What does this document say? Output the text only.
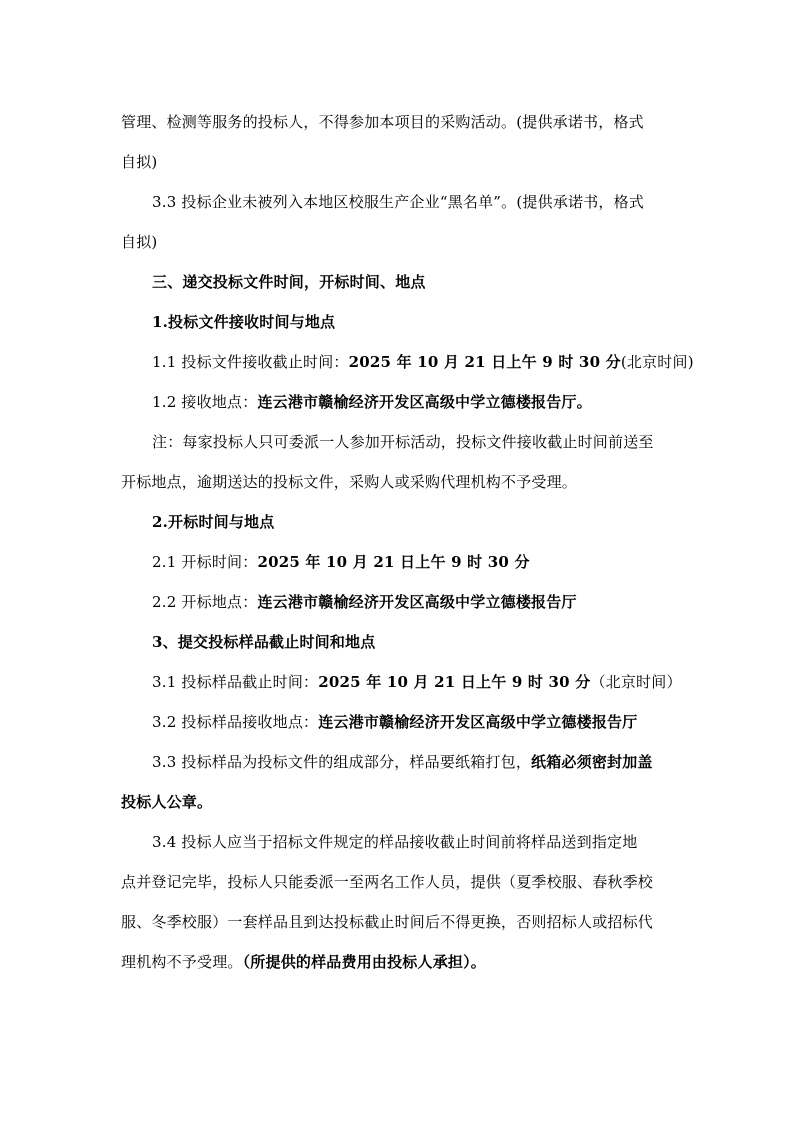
管理、检测等服务的投标人，不得参加本项目的采购活动。(提供承诺书，格式
自拟)
3.3 投标企业未被列入本地区校服生产企业“黑名单”。(提供承诺书，格式
自拟)
三、递交投标文件时间，开标时间、地点
1.投标文件接收时间与地点
1.1 投标文件接收截止时间：2025 年 10 月 21 日上午 9 时 30 分(北京时间)
1.2 接收地点：连云港市赣榆经济开发区高级中学立德楼报告厅。
注：每家投标人只可委派一人参加开标活动，投标文件接收截止时间前送至
开标地点，逾期送达的投标文件，采购人或采购代理机构不予受理。
2.开标时间与地点
2.1 开标时间：2025 年 10 月 21 日上午 9 时 30 分
2.2 开标地点：连云港市赣榆经济开发区高级中学立德楼报告厅
3、提交投标样品截止时间和地点
3.1 投标样品截止时间：2025 年 10 月 21 日上午 9 时 30 分（北京时间）
3.2 投标样品接收地点：连云港市赣榆经济开发区高级中学立德楼报告厅
3.3 投标样品为投标文件的组成部分，样品要纸箱打包，纸箱必须密封加盖
投标人公章。
3.4 投标人应当于招标文件规定的样品接收截止时间前将样品送到指定地
点并登记完毕，投标人只能委派一至两名工作人员，提供（夏季校服、春秋季校
服、冬季校服）一套样品且到达投标截止时间后不得更换，否则招标人或招标代
理机构不予受理。（所提供的样品费用由投标人承担）。
